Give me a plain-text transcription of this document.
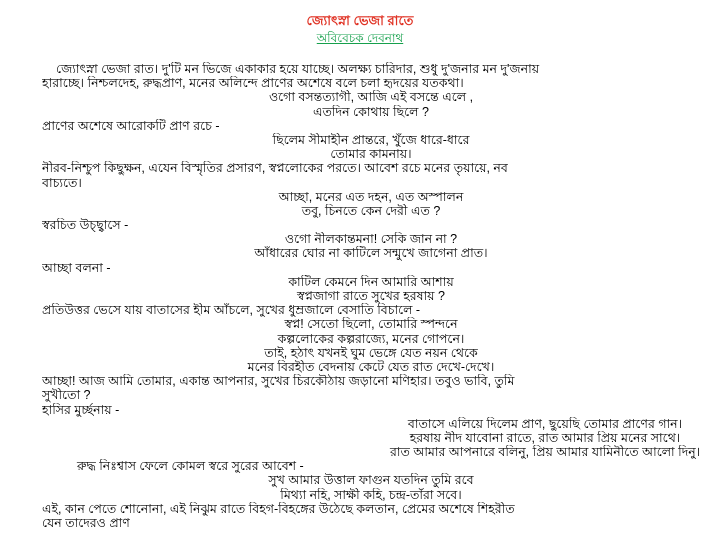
জ্যোৎস্না ভেজা রাতে
অবিবেচক দেবনাথ
জ্যোৎস্না ভেজা রাত। দু'টি মন ভিজে একাকার হয়ে যাচ্ছে। অলক্ষ্য চারিদার, শুধু দু'জনার মন দু'জনায়
হারাচ্ছে। নিশ্চলদেহ, রুদ্ধপ্রাণ, মনের অলিন্দে প্রাণের অশেষে বলে চলা হৃদয়ের যতকথা।
ওগো বসন্তত্যাগী, আজি এই বসন্তে এলে ,
এতদিন কোথায় ছিলে ?
প্রাণের অশেষে আরোকটি প্রাণ রচে -
ছিলেম সীমাহীন প্রান্তরে, খুঁজে ধারে-ধারে
তোমার কামনায়।
নীরব-নিশ্চুপ কিছুক্ষন, এযেন বিস্মৃতির প্রসারণ, স্বপ্নলোকের পরতে। আবেশ রচে মনের তৃয়ায়ে, নব
বাচ্যতে।
আচ্ছা, মনের এত দহন, এত অস্পালন
তবু, চিনতে কেন দেরী এত ?
স্বরচিত উচ্ছ্বাসে -
ওগো নীলকান্তমনা! সেকি জান না ?
আঁধারের ঘোর না কাটিলে সন্মুখে জাগেনা প্রাত।
আচ্ছা বলনা -
কাটিল কেমনে দিন আমারি আশায়
স্বপ্নজাগা রাতে সুখের হরষায় ?
প্রতিউত্তর ভেসে যায় বাতাসের হীম আঁচলে, সুখের ধুম্রজালে বেসাতি বিচালে -
স্বপ্ন! সেতো ছিলো, তোমারি স্পন্দনে
কল্পলোকের কল্পরাজ্যে, মনের গোপনে।
তাই, হঠাৎ যখনই ঘুম ভেঙ্গে যেত নয়ন থেকে
মনের বিরহীত বেদনায় কেটে যেত রাত দেখে-দেখে।
আচ্ছা! আজ আমি তোমার, একান্ত আপনার, সুখের চিরকৌঠায় জড়ানো মণিহার। তবুও ভাবি, তুমি
সুখীতো ?
হাসির মুর্চ্ছনায় -
বাতাসে এলিয়ে দিলেম প্রাণ, ছুয়েছি তোমার প্রাণের গান।
হরষায় নীদ যাবোনা রাতে, রাত আমার প্রিয় মনের সাথে।
রাত আমার আপনারে বলিনু, প্রিয় আমার যামিনীতে আলো দিনু।
রুদ্ধ নিঃশ্বাস ফেলে কোমল স্বরে সুরের আবেশ -
সুখ আমার উত্তাল ফাগুন যতদিন তুমি রবে
মিথ্যা নহি, সাক্ষী কহি, চন্দ্র-তাঁরা সবে।
এই, কান পেতে শোনোনা, এই নিঝুম রাতে বিহগ-বিহঙ্গের উঠেছে কলতান, প্রেমের অশেষে শিহরীত
যেন তাদেরও প্রাণ
